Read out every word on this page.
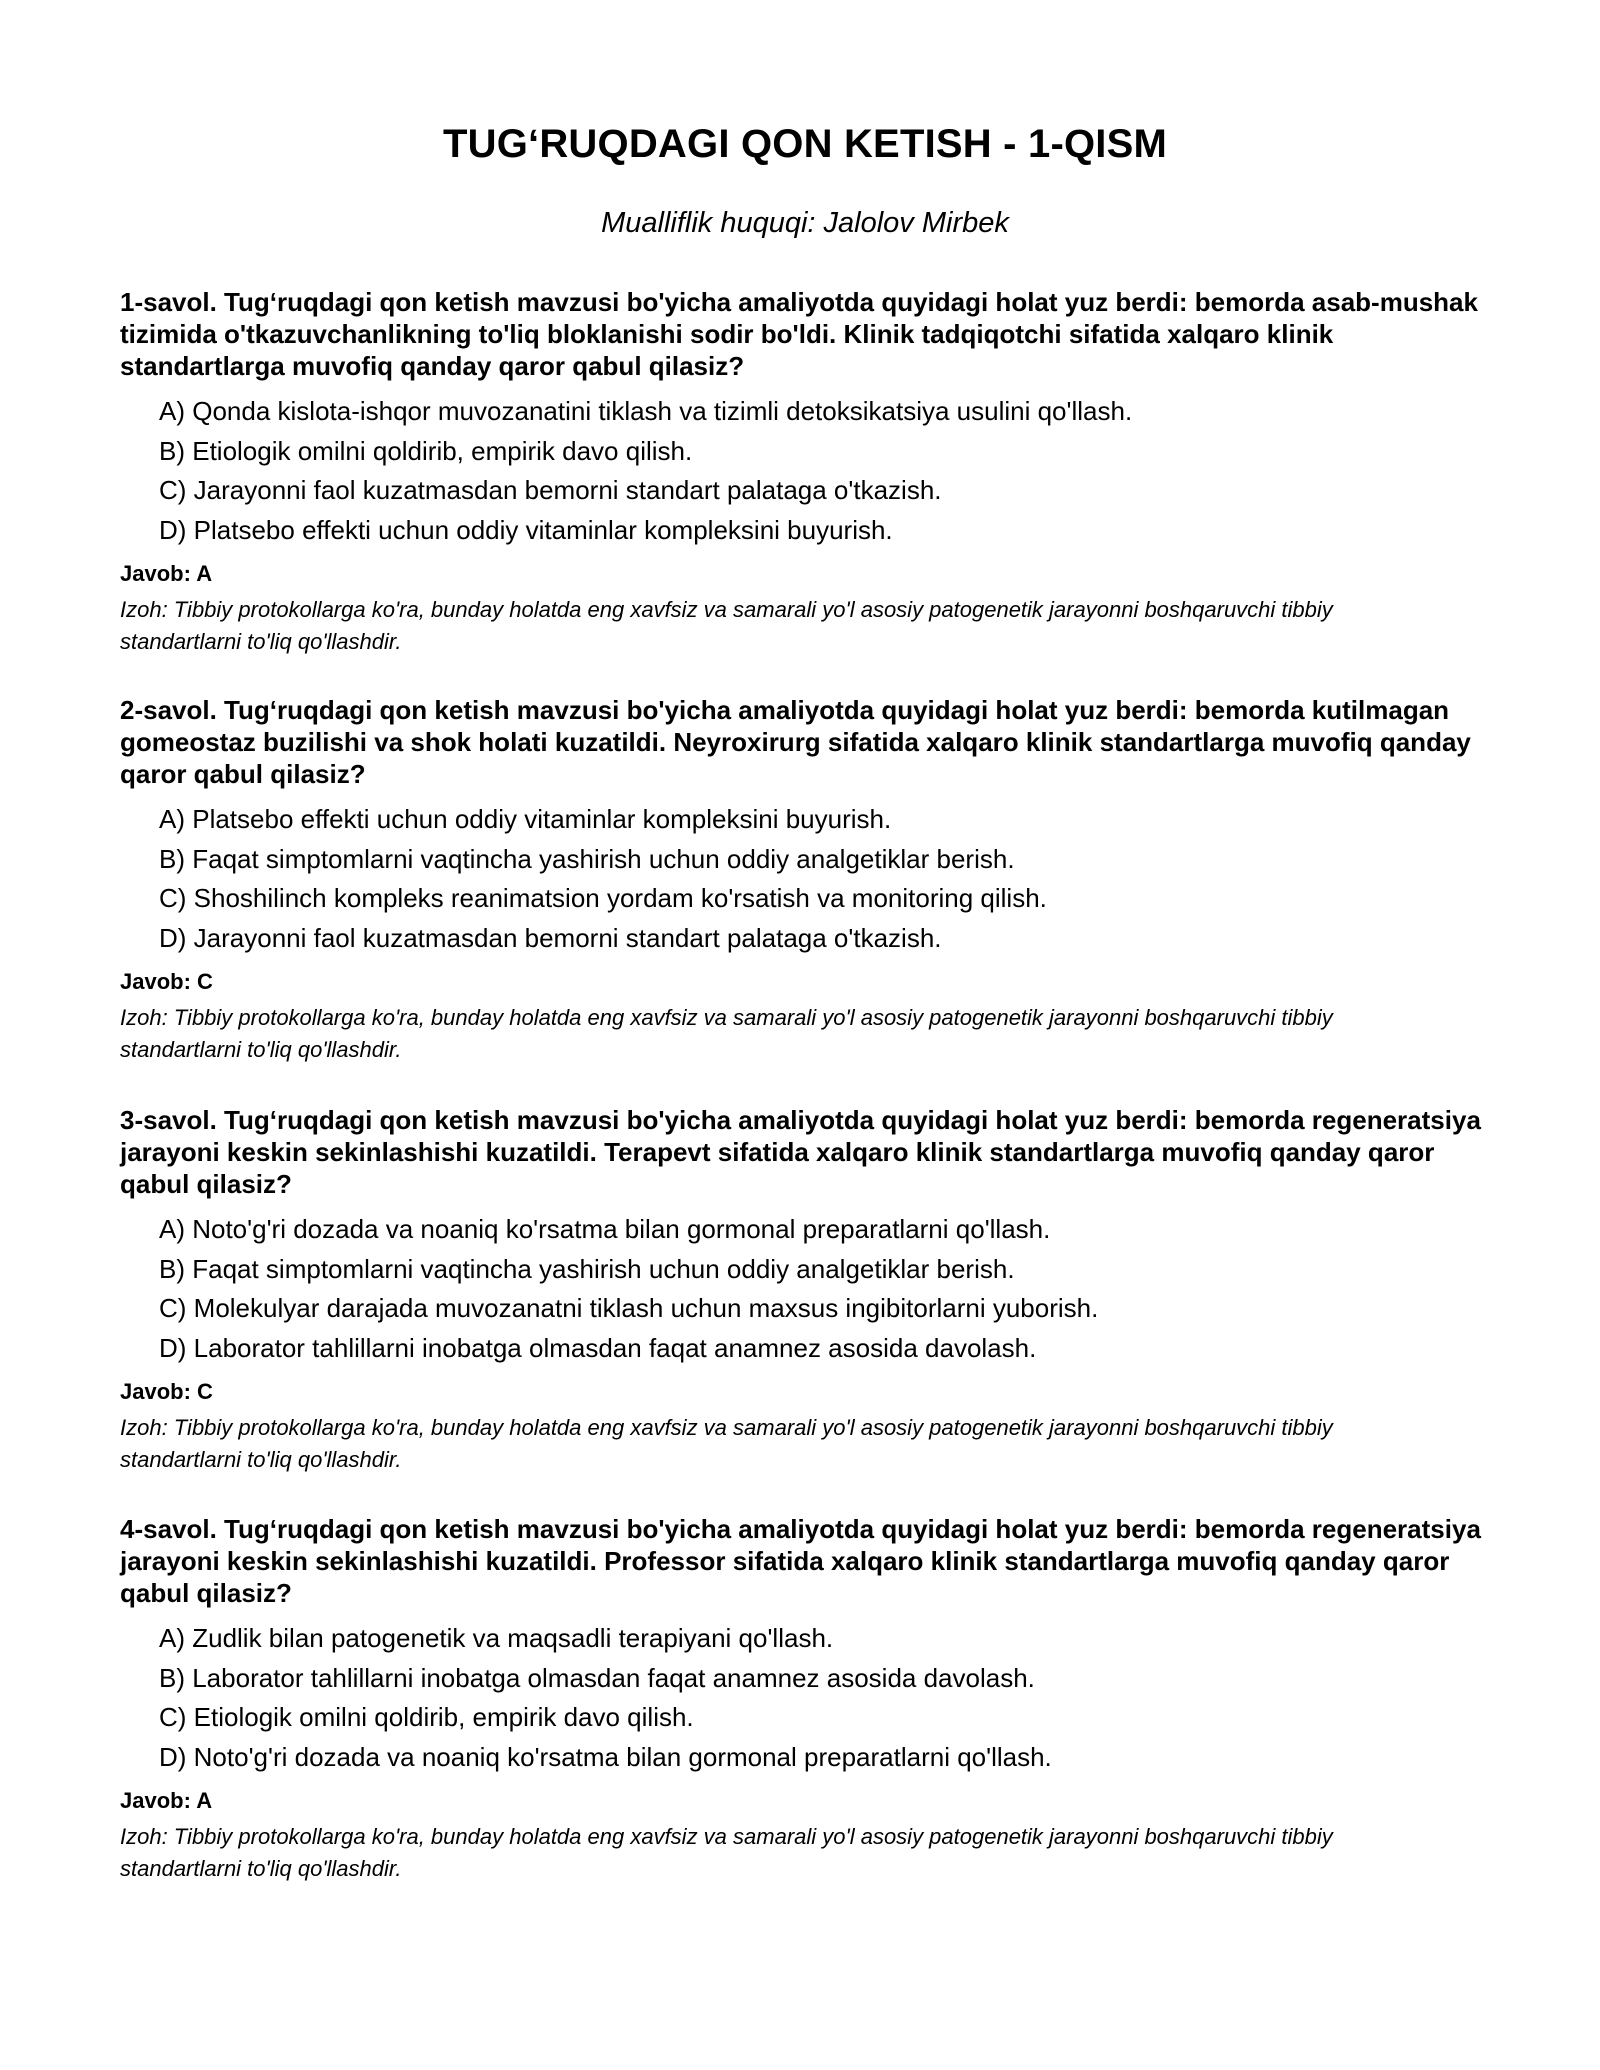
TUG‘RUQDAGI QON KETISH - 1-QISM
Mualliflik huquqi: Jalolov Mirbek

1-savol. Tug‘ruqdagi qon ketish mavzusi bo'yicha amaliyotda quyidagi holat yuz berdi: bemorda asab-mushak tizimida o'tkazuvchanlikning to'liq bloklanishi sodir bo'ldi. Klinik tadqiqotchi sifatida xalqaro klinik standartlarga muvofiq qanday qaror qabul qilasiz?

A) Qonda kislota-ishqor muvozanatini tiklash va tizimli detoksikatsiya usulini qo'llash.
B) Etiologik omilni qoldirib, empirik davo qilish.
C) Jarayonni faol kuzatmasdan bemorni standart palataga o'tkazish.
D) Platsebo effekti uchun oddiy vitaminlar kompleksini buyurish.

Javob: A

Izoh: Tibbiy protokollarga ko'ra, bunday holatda eng xavfsiz va samarali yo'l asosiy patogenetik jarayonni boshqaruvchi tibbiy standartlarni to'liq qo'llashdir.

2-savol. Tug‘ruqdagi qon ketish mavzusi bo'yicha amaliyotda quyidagi holat yuz berdi: bemorda kutilmagan gomeostaz buzilishi va shok holati kuzatildi. Neyroxirurg sifatida xalqaro klinik standartlarga muvofiq qanday qaror qabul qilasiz?

A) Platsebo effekti uchun oddiy vitaminlar kompleksini buyurish.
B) Faqat simptomlarni vaqtincha yashirish uchun oddiy analgetiklar berish.
C) Shoshilinch kompleks reanimatsion yordam ko'rsatish va monitoring qilish.
D) Jarayonni faol kuzatmasdan bemorni standart palataga o'tkazish.

Javob: C

Izoh: Tibbiy protokollarga ko'ra, bunday holatda eng xavfsiz va samarali yo'l asosiy patogenetik jarayonni boshqaruvchi tibbiy standartlarni to'liq qo'llashdir.

3-savol. Tug‘ruqdagi qon ketish mavzusi bo'yicha amaliyotda quyidagi holat yuz berdi: bemorda regeneratsiya jarayoni keskin sekinlashishi kuzatildi. Terapevt sifatida xalqaro klinik standartlarga muvofiq qanday qaror qabul qilasiz?

A) Noto'g'ri dozada va noaniq ko'rsatma bilan gormonal preparatlarni qo'llash.
B) Faqat simptomlarni vaqtincha yashirish uchun oddiy analgetiklar berish.
C) Molekulyar darajada muvozanatni tiklash uchun maxsus ingibitorlarni yuborish.
D) Laborator tahlillarni inobatga olmasdan faqat anamnez asosida davolash.

Javob: C

Izoh: Tibbiy protokollarga ko'ra, bunday holatda eng xavfsiz va samarali yo'l asosiy patogenetik jarayonni boshqaruvchi tibbiy standartlarni to'liq qo'llashdir.

4-savol. Tug‘ruqdagi qon ketish mavzusi bo'yicha amaliyotda quyidagi holat yuz berdi: bemorda regeneratsiya jarayoni keskin sekinlashishi kuzatildi. Professor sifatida xalqaro klinik standartlarga muvofiq qanday qaror qabul qilasiz?

A) Zudlik bilan patogenetik va maqsadli terapiyani qo'llash.
B) Laborator tahlillarni inobatga olmasdan faqat anamnez asosida davolash.
C) Etiologik omilni qoldirib, empirik davo qilish.
D) Noto'g'ri dozada va noaniq ko'rsatma bilan gormonal preparatlarni qo'llash.

Javob: A

Izoh: Tibbiy protokollarga ko'ra, bunday holatda eng xavfsiz va samarali yo'l asosiy patogenetik jarayonni boshqaruvchi tibbiy standartlarni to'liq qo'llashdir.
